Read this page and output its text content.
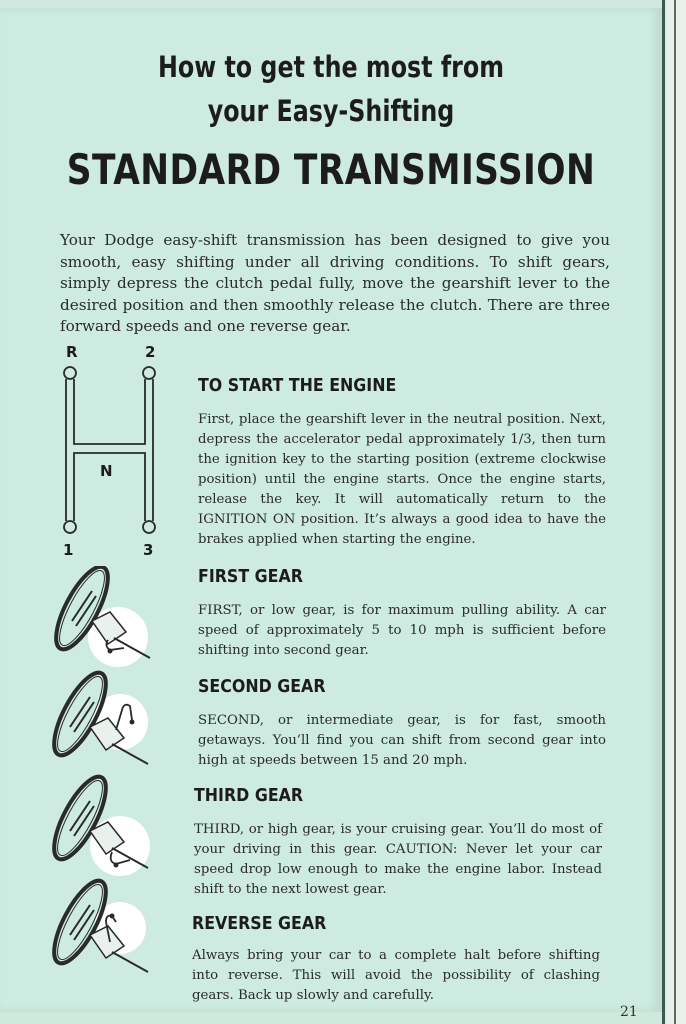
How to get the most from
your Easy-Shifting
STANDARD TRANSMISSION

Your Dodge easy-shift transmission has been designed to give you smooth, easy shifting under all driving conditions. To shift gears, simply depress the clutch pedal fully, move the gearshift lever to the desired position and then smoothly release the clutch. There are three forward speeds and one reverse gear.

R	2
N
1	3
TO START THE ENGINE

First, place the gearshift lever in the neutral position. Next, depress the accelerator pedal approximately 1/3, then turn the ignition key to the starting position (extreme clockwise position) until the engine starts. Once the engine starts, release the key. It will automatically return to the IGNITION ON position. It’s always a good idea to have the brakes applied when starting the engine.

FIRST GEAR

FIRST, or low gear, is for maximum pulling ability. A car speed of approximately 5 to 10 mph is sufficient before shifting into second gear.

SECOND GEAR

SECOND, or intermediate gear, is for fast, smooth getaways. You’ll find you can shift from second gear into high at speeds between 15 and 20 mph.

THIRD GEAR

THIRD, or high gear, is your cruising gear. You’ll do most of your driving in this gear. CAUTION: Never let your car speed drop low enough to make the engine labor. Instead shift to the next lowest gear.

REVERSE GEAR

Always bring your car to a complete halt before shifting into reverse. This will avoid the possibility of clashing gears. Back up slowly and carefully.

21
